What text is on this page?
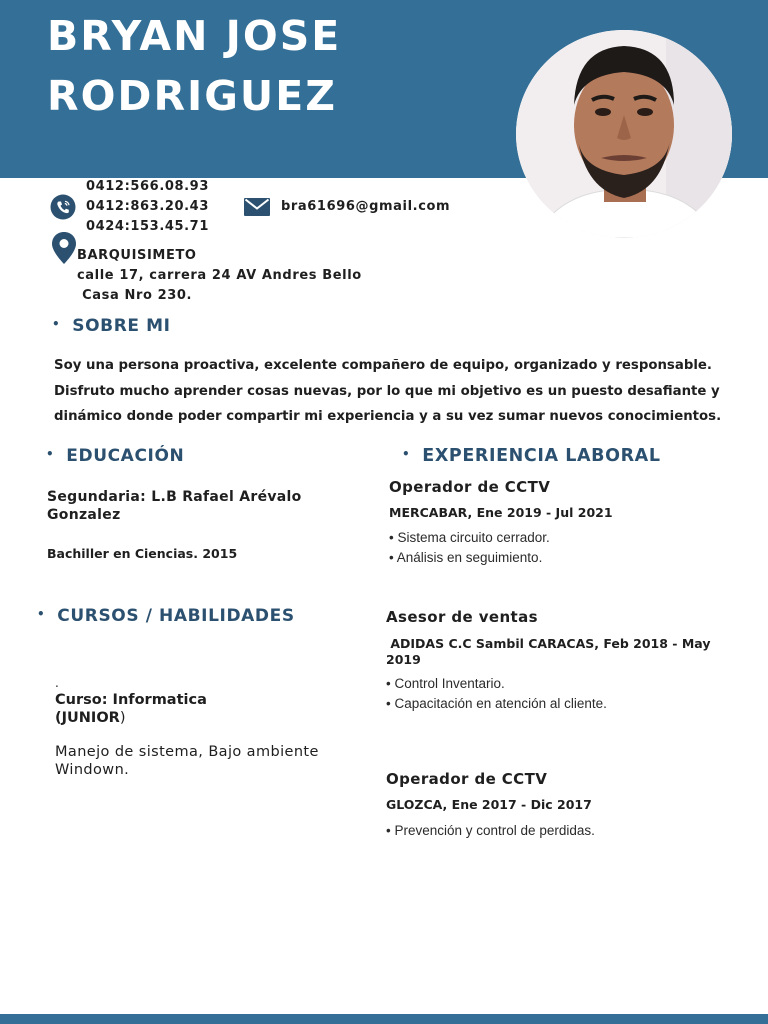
BRYAN JOSE
RODRIGUEZ
0412:566.08.93
0412:863.20.43
0424:153.45.71
bra61696@gmail.com
BARQUISIMETO
calle 17, carrera 24 AV Andres Bello
Casa Nro 230.
• SOBRE MI

Soy una persona proactiva, excelente compañero de equipo, organizado y responsable. Disfruto mucho aprender cosas nuevas, por lo que mi objetivo es un puesto desafiante y dinámico donde poder compartir mi experiencia y a su vez sumar nuevos conocimientos.

• EDUCACIÓN
Segundaria: L.B Rafael Arévalo Gonzalez
Bachiller en Ciencias. 2015
• CURSOS / HABILIDADES
.
Curso: Informatica
(JUNIOR)
Manejo de sistema, Bajo ambiente Windown.
• EXPERIENCIA LABORAL
Operador de CCTV
MERCABAR, Ene 2019 - Jul 2021
• Sistema circuito cerrador.
• Análisis en seguimiento.
Asesor de ventas
ADIDAS C.C Sambil CARACAS, Feb 2018 - May 2019
• Control Inventario.
• Capacitación en atención al cliente.
Operador de CCTV
GLOZCA, Ene 2017 - Dic 2017
• Prevención y control de perdidas.
